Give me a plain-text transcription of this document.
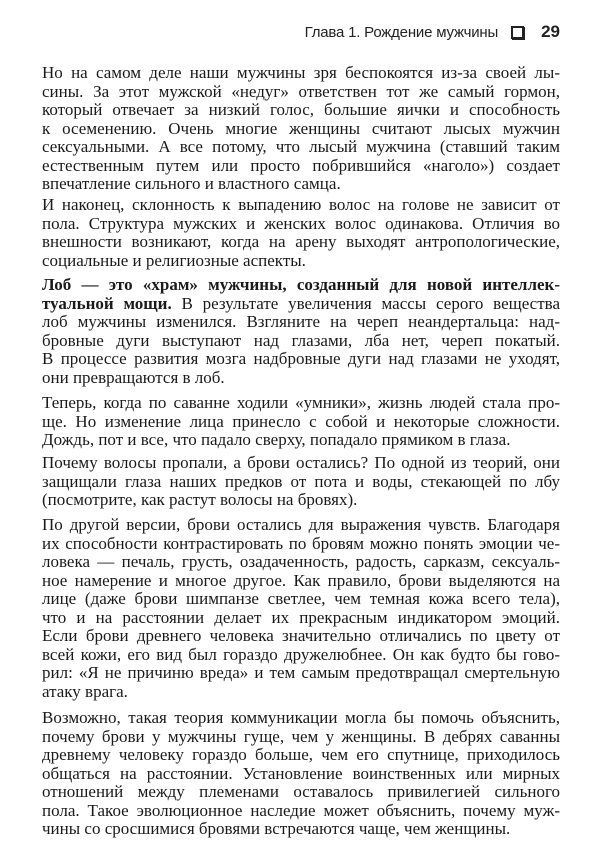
Глава 1. Рождение мужчины	29
Но на самом деле наши мужчины зря беспокоятся из-за своей лы-
сины. За этот мужской «недуг» ответствен тот же самый гормон,
который отвечает за низкий голос, большие яички и способность
к осеменению. Очень многие женщины считают лысых мужчин
сексуальными. А все потому, что лысый мужчина (ставший таким
естественным путем или просто побрившийся «наголо») создает
впечатление сильного и властного самца.
И наконец, склонность к выпадению волос на голове не зависит от
пола. Структура мужских и женских волос одинакова. Отличия во
внешности возникают, когда на арену выходят антропологические,
социальные и религиозные аспекты.
Лоб — это «храм» мужчины, созданный для новой интеллек-
туальной мощи. В результате увеличения массы серого вещества
лоб мужчины изменился. Взгляните на череп неандертальца: над-
бровные дуги выступают над глазами, лба нет, череп покатый.
В процессе развития мозга надбровные дуги над глазами не уходят,
они превращаются в лоб.
Теперь, когда по саванне ходили «умники», жизнь людей стала про-
ще. Но изменение лица принесло с собой и некоторые сложности.
Дождь, пот и все, что падало сверху, попадало прямиком в глаза.
Почему волосы пропали, а брови остались? По одной из теорий, они
защищали глаза наших предков от пота и воды, стекающей по лбу
(посмотрите, как растут волосы на бровях).
По другой версии, брови остались для выражения чувств. Благодаря
их способности контрастировать по бровям можно понять эмоции че-
ловека — печаль, грусть, озадаченность, радость, сарказм, сексуаль-
ное намерение и многое другое. Как правило, брови выделяются на
лице (даже брови шимпанзе светлее, чем темная кожа всего тела),
что и на расстоянии делает их прекрасным индикатором эмоций.
Если брови древнего человека значительно отличались по цвету от
всей кожи, его вид был гораздо дружелюбнее. Он как будто бы гово-
рил: «Я не причиню вреда» и тем самым предотвращал смертельную
атаку врага.
Возможно, такая теория коммуникации могла бы помочь объяснить,
почему брови у мужчины гуще, чем у женщины. В дебрях саванны
древнему человеку гораздо больше, чем его спутнице, приходилось
общаться на расстоянии. Установление воинственных или мирных
отношений между племенами оставалось привилегией сильного
пола. Такое эволюционное наследие может объяснить, почему муж-
чины со сросшимися бровями встречаются чаще, чем женщины.
